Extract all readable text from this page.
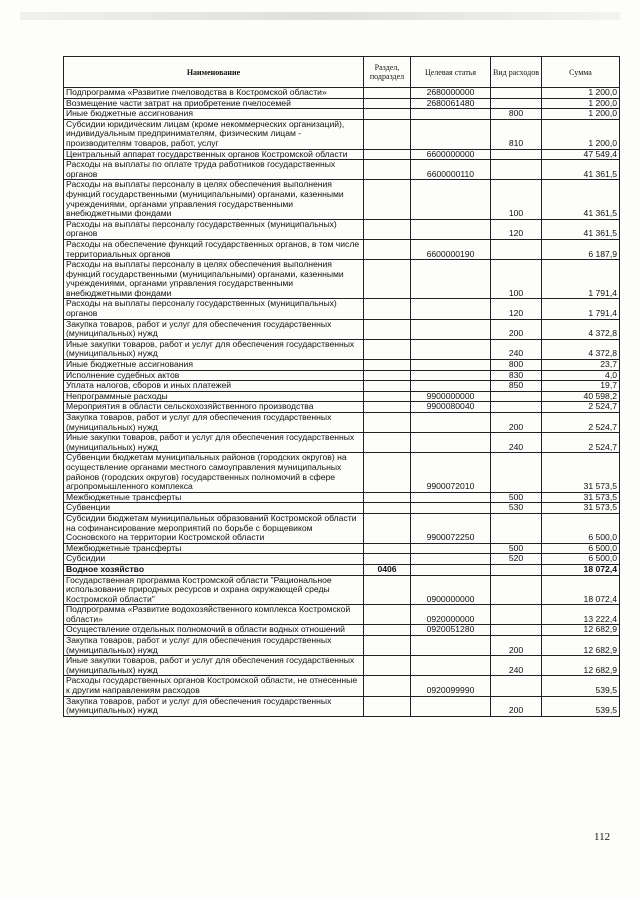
Наименование	Раздел, подраздел	Целевая статья	Вид расходов	Сумма
Подпрограмма «Развитие пчеловодства в Костромской области»		2680000000		1 200,0
Возмещение части затрат на приобретение пчелосемей		2680061480		1 200,0
Иные бюджетные ассигнования			800	1 200,0
Субсидии юридическим лицам (кроме некоммерческих организаций), индивидуальным предпринимателям, физическим лицам - производителям товаров, работ, услуг			810	1 200,0
Центральный аппарат государственных органов Костромской области		6600000000		47 549,4
Расходы на выплаты по оплате труда работников государственных органов		6600000110		41 361,5
Расходы на выплаты персоналу в целях обеспечения выполнения функций государственными (муниципальными) органами, казенными учреждениями, органами управления государственными внебюджетными фондами			100	41 361,5
Расходы на выплаты персоналу государственных (муниципальных) органов			120	41 361,5
Расходы на обеспечение функций государственных органов, в том числе территориальных органов		6600000190		6 187,9
Расходы на выплаты персоналу в целях обеспечения выполнения функций государственными (муниципальными) органами, казенными учреждениями, органами управления государственными внебюджетными фондами			100	1 791,4
Расходы на выплаты персоналу государственных (муниципальных) органов			120	1 791,4
Закупка товаров, работ и услуг для обеспечения государственных (муниципальных) нужд			200	4 372,8
Иные закупки товаров, работ и услуг для обеспечения государственных (муниципальных) нужд			240	4 372,8
Иные бюджетные ассигнования			800	23,7
Исполнение судебных актов			830	4,0
Уплата налогов, сборов и иных платежей			850	19,7
Непрограммные расходы		9900000000		40 598,2
Мероприятия в области сельскохозяйственного производства		9900080040		2 524,7
Закупка товаров, работ и услуг для обеспечения государственных (муниципальных) нужд			200	2 524,7
Иные закупки товаров, работ и услуг для обеспечения государственных (муниципальных) нужд			240	2 524,7
Субвенции бюджетам муниципальных районов (городских округов) на осуществление органами местного самоуправления муниципальных районов (городских округов) государственных полномочий в сфере агропромышленного комплекса		9900072010		31 573,5
Межбюджетные трансферты			500	31 573,5
Субвенции			530	31 573,5
Субсидии бюджетам муниципальных образований Костромской области на софинансирование мероприятий по борьбе с борщевиком Сосновского на территории Костромской области		9900072250		6 500,0
Межбюджетные трансферты			500	6 500,0
Субсидии			520	6 500,0
Водное хозяйство	0406			18 072,4
Государственная программа Костромской области "Рациональное использование природных ресурсов и охрана окружающей среды Костромской области"		0900000000		18 072,4
Подпрограмма «Развитие водохозяйственного комплекса Костромской области»		0920000000		13 222,4
Осуществление отдельных полномочий в области водных отношений		0920051280		12 682,9
Закупка товаров, работ и услуг для обеспечения государственных (муниципальных) нужд			200	12 682,9
Иные закупки товаров, работ и услуг для обеспечения государственных (муниципальных) нужд			240	12 682,9
Расходы государственных органов Костромской области, не отнесенные к другим направлениям расходов		0920099990		539,5
Закупка товаров, работ и услуг для обеспечения государственных (муниципальных) нужд			200	539,5
112
